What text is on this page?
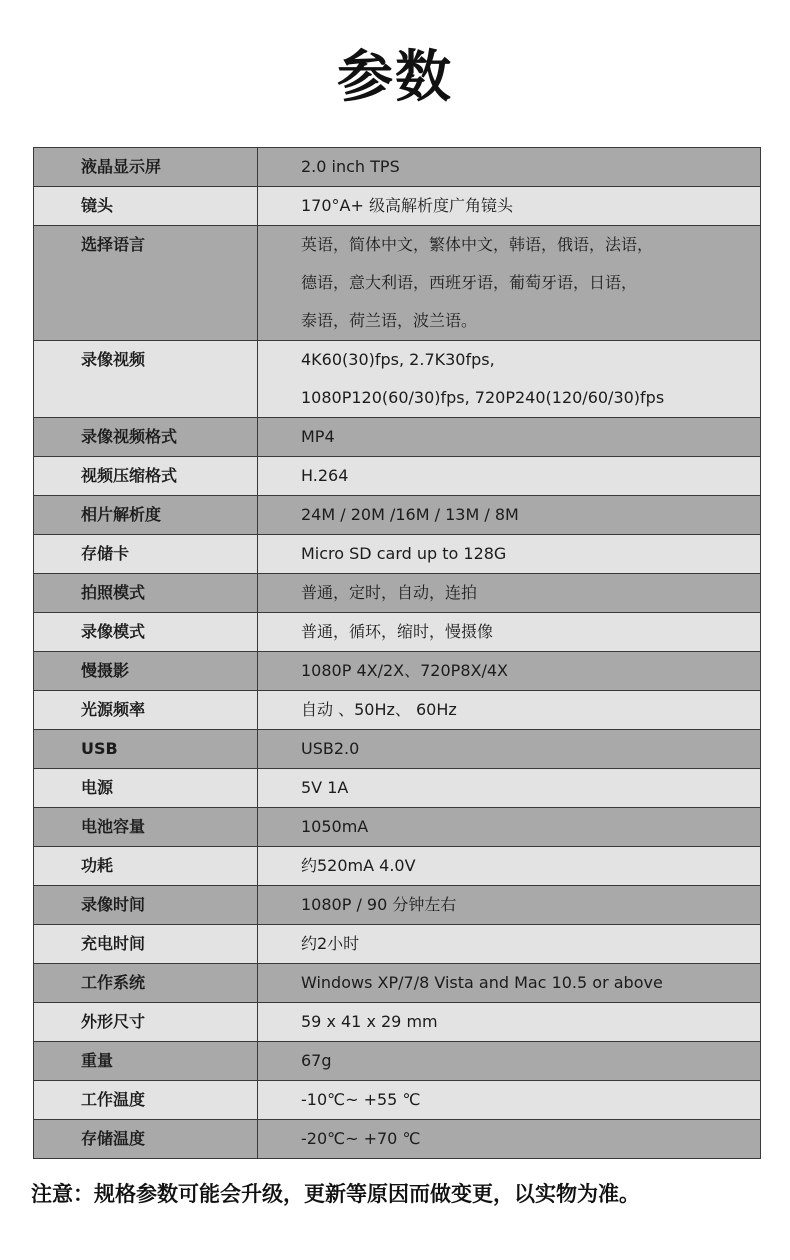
参数
液晶显示屏	2.0 inch TPS

镜头	170°A+ 级高解析度广角镜头

选择语言	英语，简体中文，繁体中文，韩语，俄语，法语，
德语，意大利语，西班牙语，葡萄牙语，日语，
泰语，荷兰语，波兰语。

录像视频	4K60(30)fps, 2.7K30fps,
1080P120(60/30)fps, 720P240(120/60/30)fps

录像视频格式	MP4

视频压缩格式	H.264

相片解析度	24M / 20M /16M / 13M / 8M

存储卡	Micro SD card up to 128G

拍照模式	普通，定时，自动，连拍

录像模式	普通，循环，缩时，慢摄像

慢摄影	1080P 4X/2X、720P8X/4X

光源频率	自动 、50Hz、 60Hz

USB	USB2.0

电源	5V 1A

电池容量	1050mA

功耗	约520mA 4.0V

录像时间	1080P / 90 分钟左右

充电时间	约2小时

工作系统	Windows XP/7/8 Vista and Mac 10.5 or above

外形尺寸	59 x 41 x 29 mm

重量	67g

工作温度	-10℃~ +55 ℃

存储温度	-20℃~ +70 ℃
注意：规格参数可能会升级，更新等原因而做变更，以实物为准。
